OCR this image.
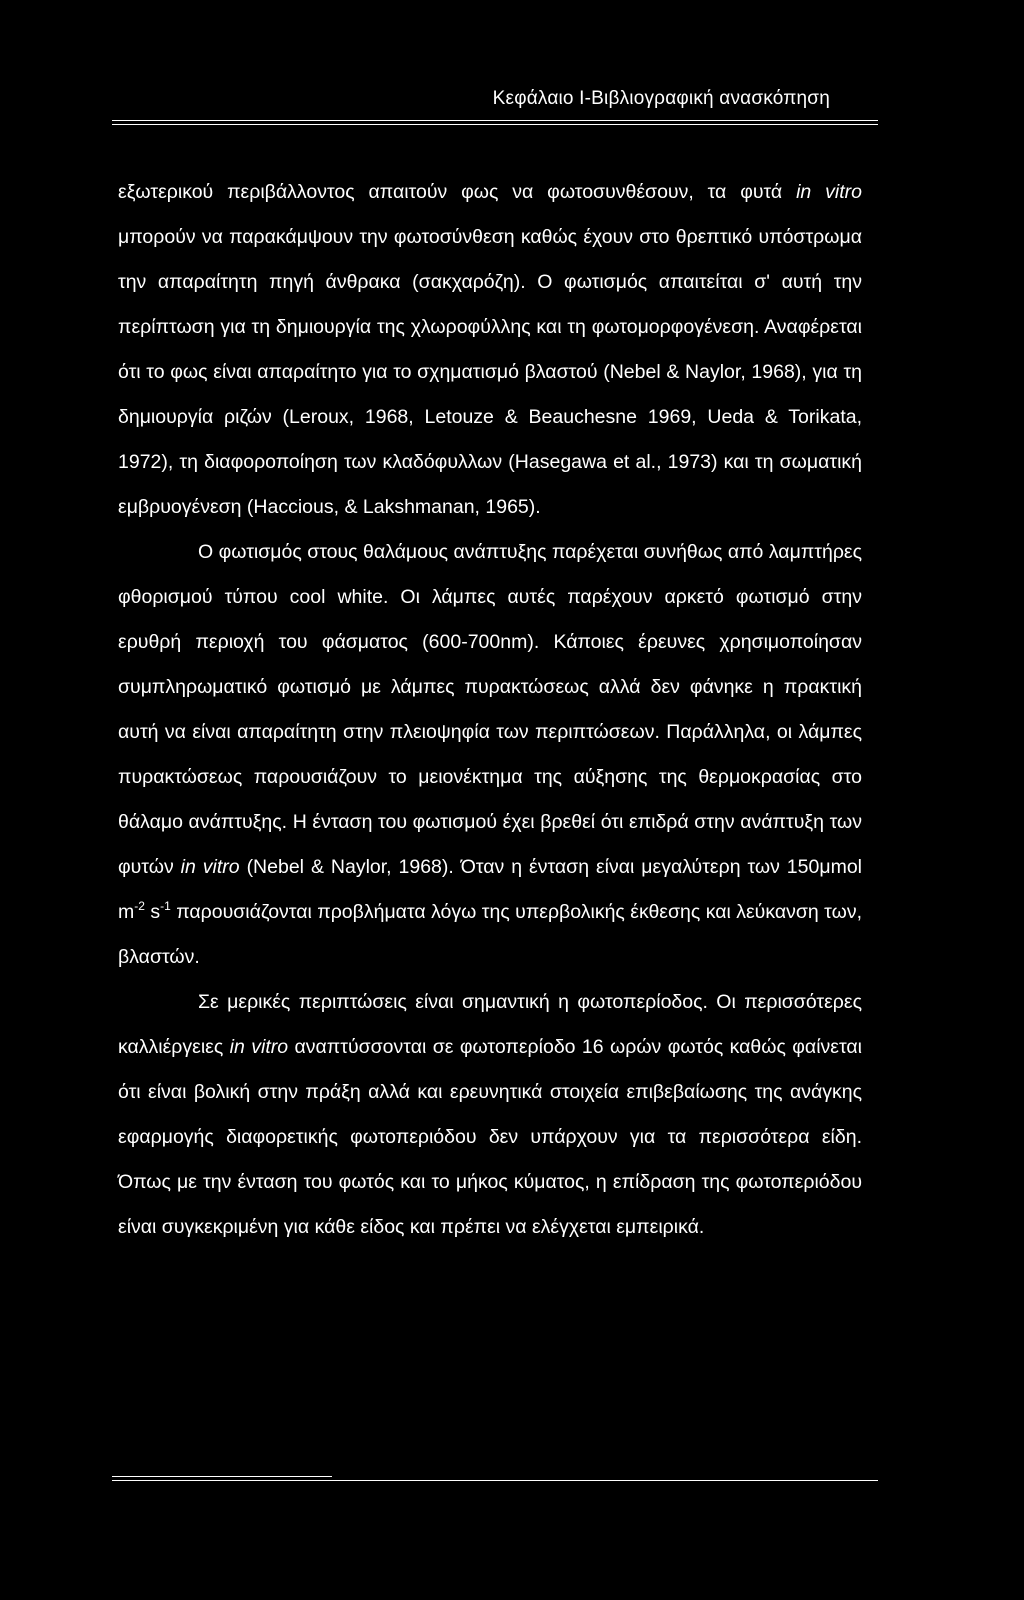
Κεφάλαιο Ι-Βιβλιογραφική ανασκόπηση

εξωτερικού περιβάλλοντος απαιτούν φως να φωτοσυνθέσουν, τα φυτά in vitro μπορούν να παρακάμψουν την φωτοσύνθεση καθώς έχουν στο θρεπτικό υπόστρωμα την απαραίτητη πηγή άνθρακα (σακχαρόζη). Ο φωτισμός απαιτείται σ' αυτή την περίπτωση για τη δημιουργία της χλωροφύλλης και τη φωτομορφογένεση. Αναφέρεται ότι το φως είναι απαραίτητο για το σχηματισμό βλαστού (Nebel & Naylor, 1968), για τη δημιουργία ριζών (Leroux, 1968, Letouze & Beauchesne 1969, Ueda & Torikata, 1972), τη διαφοροποίηση των κλαδόφυλλων (Hasegawa et al., 1973) και τη σωματική εμβρυογένεση (Haccious, & Lakshmanan, 1965).

Ο φωτισμός στους θαλάμους ανάπτυξης παρέχεται συνήθως από λαμπτήρες φθορισμού τύπου cool white. Οι λάμπες αυτές παρέχουν αρκετό φωτισμό στην ερυθρή περιοχή του φάσματος (600-700nm). Κάποιες έρευνες χρησιμοποίησαν συμπληρωματικό φωτισμό με λάμπες πυρακτώσεως αλλά δεν φάνηκε η πρακτική αυτή να είναι απαραίτητη στην πλειοψηφία των περιπτώσεων. Παράλληλα, οι λάμπες πυρακτώσεως παρουσιάζουν το μειονέκτημα της αύξησης της θερμοκρασίας στο θάλαμο ανάπτυξης. Η ένταση του φωτισμού έχει βρεθεί ότι επιδρά στην ανάπτυξη των φυτών in vitro (Nebel & Naylor, 1968). Όταν η ένταση είναι μεγαλύτερη των 150μmol $m^{-2}$ $s^{-1}$ παρουσιάζονται προβλήματα λόγω της υπερβολικής έκθεσης και λεύκανση των, βλαστών.

Σε μερικές περιπτώσεις είναι σημαντική η φωτοπερίοδος. Οι περισσότερες καλλιέργειες in vitro αναπτύσσονται σε φωτοπερίοδο 16 ωρών φωτός καθώς φαίνεται ότι είναι βολική στην πράξη αλλά και ερευνητικά στοιχεία επιβεβαίωσης της ανάγκης εφαρμογής διαφορετικής φωτοπεριόδου δεν υπάρχουν για τα περισσότερα είδη. Όπως με την ένταση του φωτός και το μήκος κύματος, η επίδραση της φωτοπεριόδου είναι συγκεκριμένη για κάθε είδος και πρέπει να ελέγχεται εμπειρικά.
